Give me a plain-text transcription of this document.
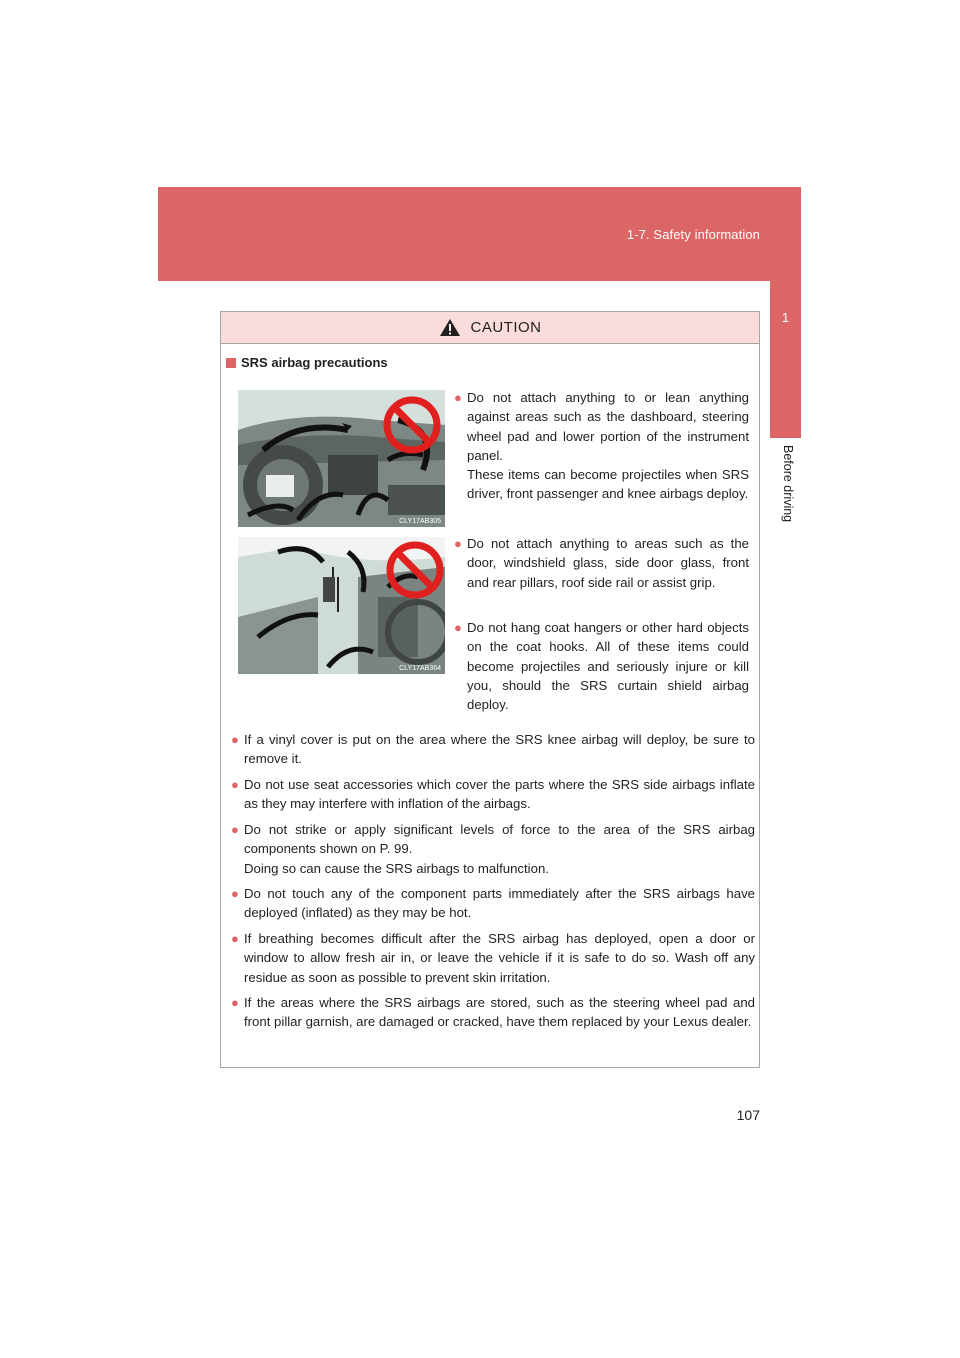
1-7. Safety information
1
Before driving
CAUTION
SRS airbag precautions
CLY17AB305
CLY17AB364
● Do not attach anything to or lean anything against areas such as the dashboard, steering wheel pad and lower portion of the instrument panel.
These items can become projectiles when SRS driver, front passenger and knee airbags deploy.
● Do not attach anything to areas such as the door, windshield glass, side door glass, front and rear pillars, roof side rail or assist grip.
● Do not hang coat hangers or other hard objects on the coat hooks. All of these items could become projectiles and seriously injure or kill you, should the SRS curtain shield airbag deploy.
● If a vinyl cover is put on the area where the SRS knee airbag will deploy, be sure to remove it.
● Do not use seat accessories which cover the parts where the SRS side airbags inflate as they may interfere with inflation of the airbags.
● Do not strike or apply significant levels of force to the area of the SRS airbag components shown on P. 99.
Doing so can cause the SRS airbags to malfunction.
● Do not touch any of the component parts immediately after the SRS airbags have deployed (inflated) as they may be hot.
● If breathing becomes difficult after the SRS airbag has deployed, open a door or window to allow fresh air in, or leave the vehicle if it is safe to do so. Wash off any residue as soon as possible to prevent skin irritation.
● If the areas where the SRS airbags are stored, such as the steering wheel pad and front pillar garnish, are damaged or cracked, have them replaced by your Lexus dealer.
107
